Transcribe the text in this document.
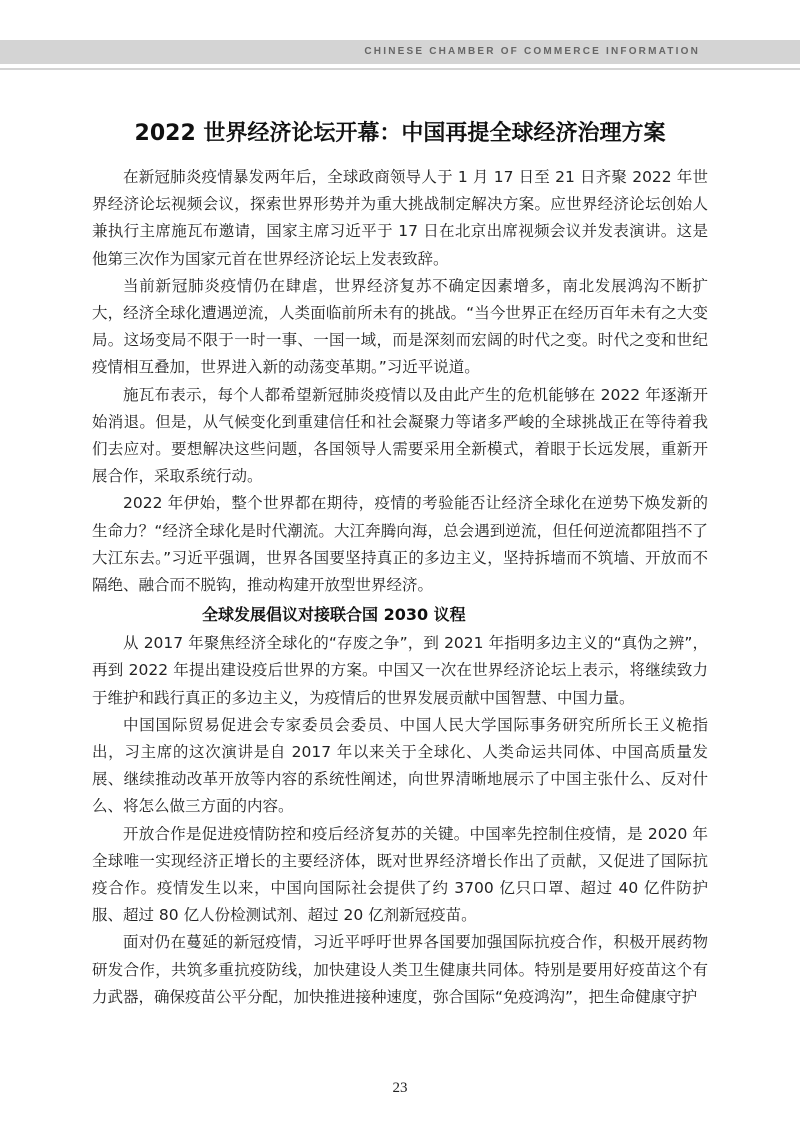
CHINESE CHAMBER OF COMMERCE INFORMATION
2022 世界经济论坛开幕：中国再提全球经济治理方案

在新冠肺炎疫情暴发两年后，全球政商领导人于 1 月 17 日至 21 日齐聚 2022 年世界经济论坛视频会议，探索世界形势并为重大挑战制定解决方案。应世界经济论坛创始人兼执行主席施瓦布邀请，国家主席习近平于 17 日在北京出席视频会议并发表演讲。这是他第三次作为国家元首在世界经济论坛上发表致辞。

当前新冠肺炎疫情仍在肆虐，世界经济复苏不确定因素增多，南北发展鸿沟不断扩大，经济全球化遭遇逆流，人类面临前所未有的挑战。“当今世界正在经历百年未有之大变局。这场变局不限于一时一事、一国一域，而是深刻而宏阔的时代之变。时代之变和世纪疫情相互叠加，世界进入新的动荡变革期。”习近平说道。

施瓦布表示，每个人都希望新冠肺炎疫情以及由此产生的危机能够在 2022 年逐渐开始消退。但是，从气候变化到重建信任和社会凝聚力等诸多严峻的全球挑战正在等待着我们去应对。要想解决这些问题，各国领导人需要采用全新模式，着眼于长远发展，重新开展合作，采取系统行动。

2022 年伊始，整个世界都在期待，疫情的考验能否让经济全球化在逆势下焕发新的生命力？“经济全球化是时代潮流。大江奔腾向海，总会遇到逆流，但任何逆流都阻挡不了大江东去。”习近平强调，世界各国要坚持真正的多边主义，坚持拆墙而不筑墙、开放而不隔绝、融合而不脱钩，推动构建开放型世界经济。

全球发展倡议对接联合国 2030 议程

从 2017 年聚焦经济全球化的“存废之争”，到 2021 年指明多边主义的“真伪之辨”，再到 2022 年提出建设疫后世界的方案。中国又一次在世界经济论坛上表示，将继续致力于维护和践行真正的多边主义，为疫情后的世界发展贡献中国智慧、中国力量。

中国国际贸易促进会专家委员会委员、中国人民大学国际事务研究所所长王义桅指出，习主席的这次演讲是自 2017 年以来关于全球化、人类命运共同体、中国高质量发展、继续推动改革开放等内容的系统性阐述，向世界清晰地展示了中国主张什么、反对什么、将怎么做三方面的内容。

开放合作是促进疫情防控和疫后经济复苏的关键。中国率先控制住疫情，是 2020 年全球唯一实现经济正增长的主要经济体，既对世界经济增长作出了贡献，又促进了国际抗疫合作。疫情发生以来，中国向国际社会提供了约 3700 亿只口罩、超过 40 亿件防护服、超过 80 亿人份检测试剂、超过 20 亿剂新冠疫苗。

面对仍在蔓延的新冠疫情，习近平呼吁世界各国要加强国际抗疫合作，积极开展药物研发合作，共筑多重抗疫防线，加快建设人类卫生健康共同体。特别是要用好疫苗这个有力武器，确保疫苗公平分配，加快推进接种速度，弥合国际“免疫鸿沟”，把生命健康守护

23
